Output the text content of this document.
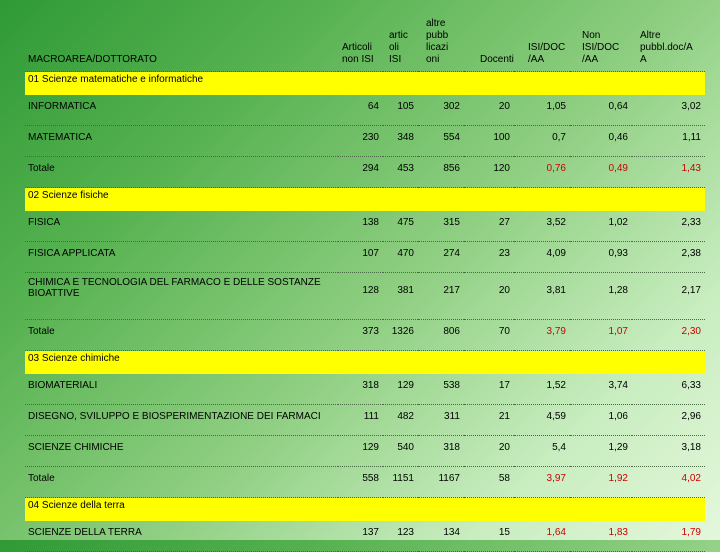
MACROAREA/DOTTORATO	Articoli non ISI	artic oli ISI	altre pubb licazi oni	Docenti	ISI/DOC /AA	Non ISI/DOC /AA	Altre pubbl.doc/A A
01 Scienze matematiche e informatiche							
INFORMATICA	64	105	302	20	1,05	0,64	3,02
MATEMATICA	230	348	554	100	0,7	0,46	1,11
Totale	294	453	856	120	0,76	0,49	1,43
02 Scienze fisiche							
FISICA	138	475	315	27	3,52	1,02	2,33
FISICA APPLICATA	107	470	274	23	4,09	0,93	2,38
CHIMICA E TECNOLOGIA DEL FARMACO E DELLE SOSTANZE BIOATTIVE	128	381	217	20	3,81	1,28	2,17
Totale	373	1326	806	70	3,79	1,07	2,30
03 Scienze chimiche							
BIOMATERIALI	318	129	538	17	1,52	3,74	6,33
DISEGNO, SVILUPPO E BIOSPERIMENTAZIONE DEI FARMACI	111	482	311	21	4,59	1,06	2,96
SCIENZE CHIMICHE	129	540	318	20	5,4	1,29	3,18
Totale	558	1151	1167	58	3,97	1,92	4,02
04 Scienze della terra							
SCIENZE DELLA TERRA	137	123	134	15	1,64	1,83	1,79
